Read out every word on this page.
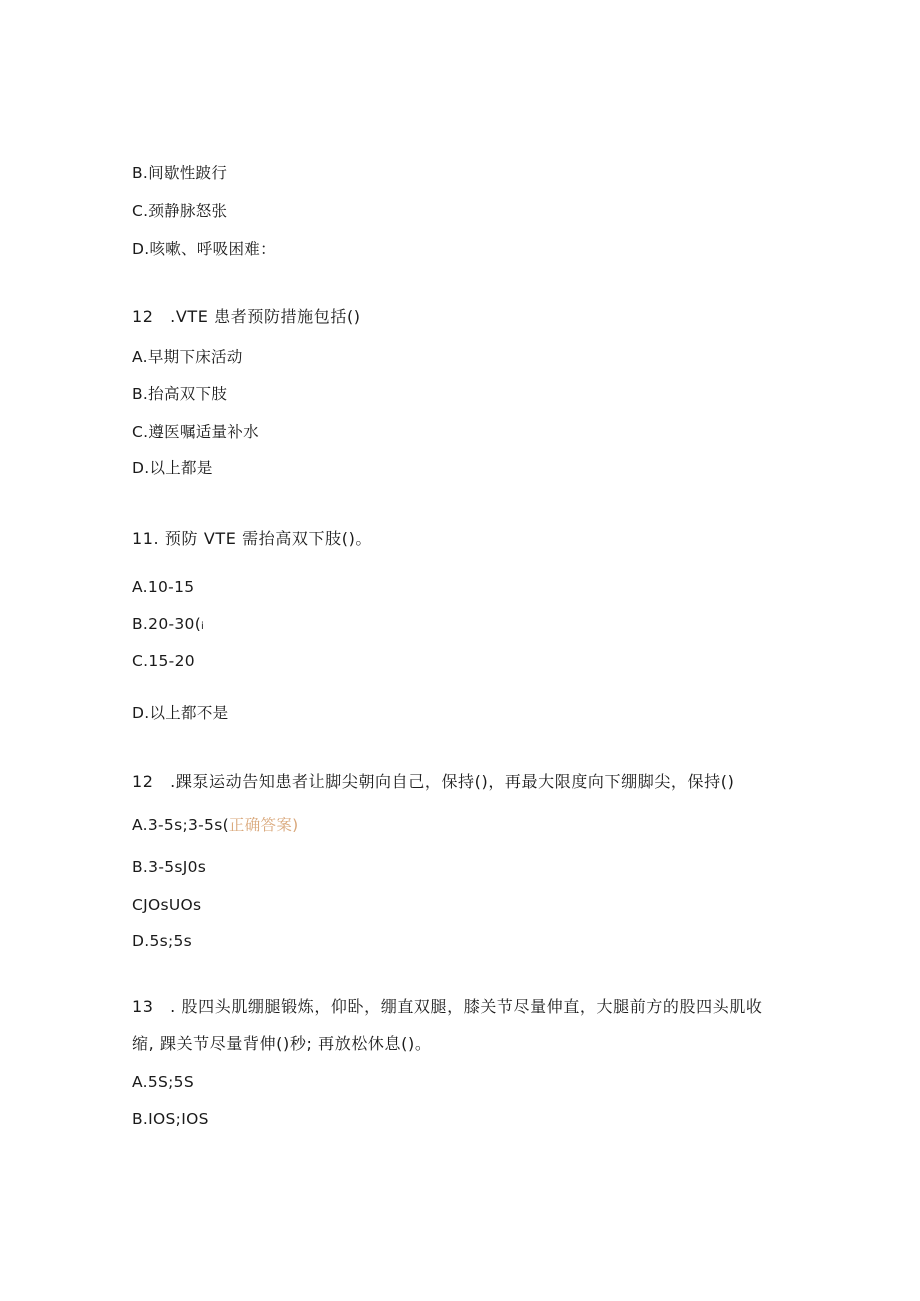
B.间歇性跛行
C.颈静脉怒张
D.咳嗽、呼吸困难：
12　.VTE 患者预防措施包括()
A.早期下床活动
B.抬高双下肢
C.遵医嘱适量补水
D.以上都是
11. 预防 VTE 需抬高双下肢()。
A.10-15
B.20-30(i
C.15-20
D.以上都不是
12　.踝泵运动告知患者让脚尖朝向自己，保持()，再最大限度向下绷脚尖，保持()
A.3-5s;3-5s(正确答案)
B.3-5sJ0s
CJOsUOs
D.5s;5s
13　. 股四头肌绷腿锻炼，仰卧，绷直双腿，膝关节尽量伸直，大腿前方的股四头肌收
缩, 踝关节尽量背伸()秒; 再放松休息()。
A.5S;5S
B.IOS;IOS
